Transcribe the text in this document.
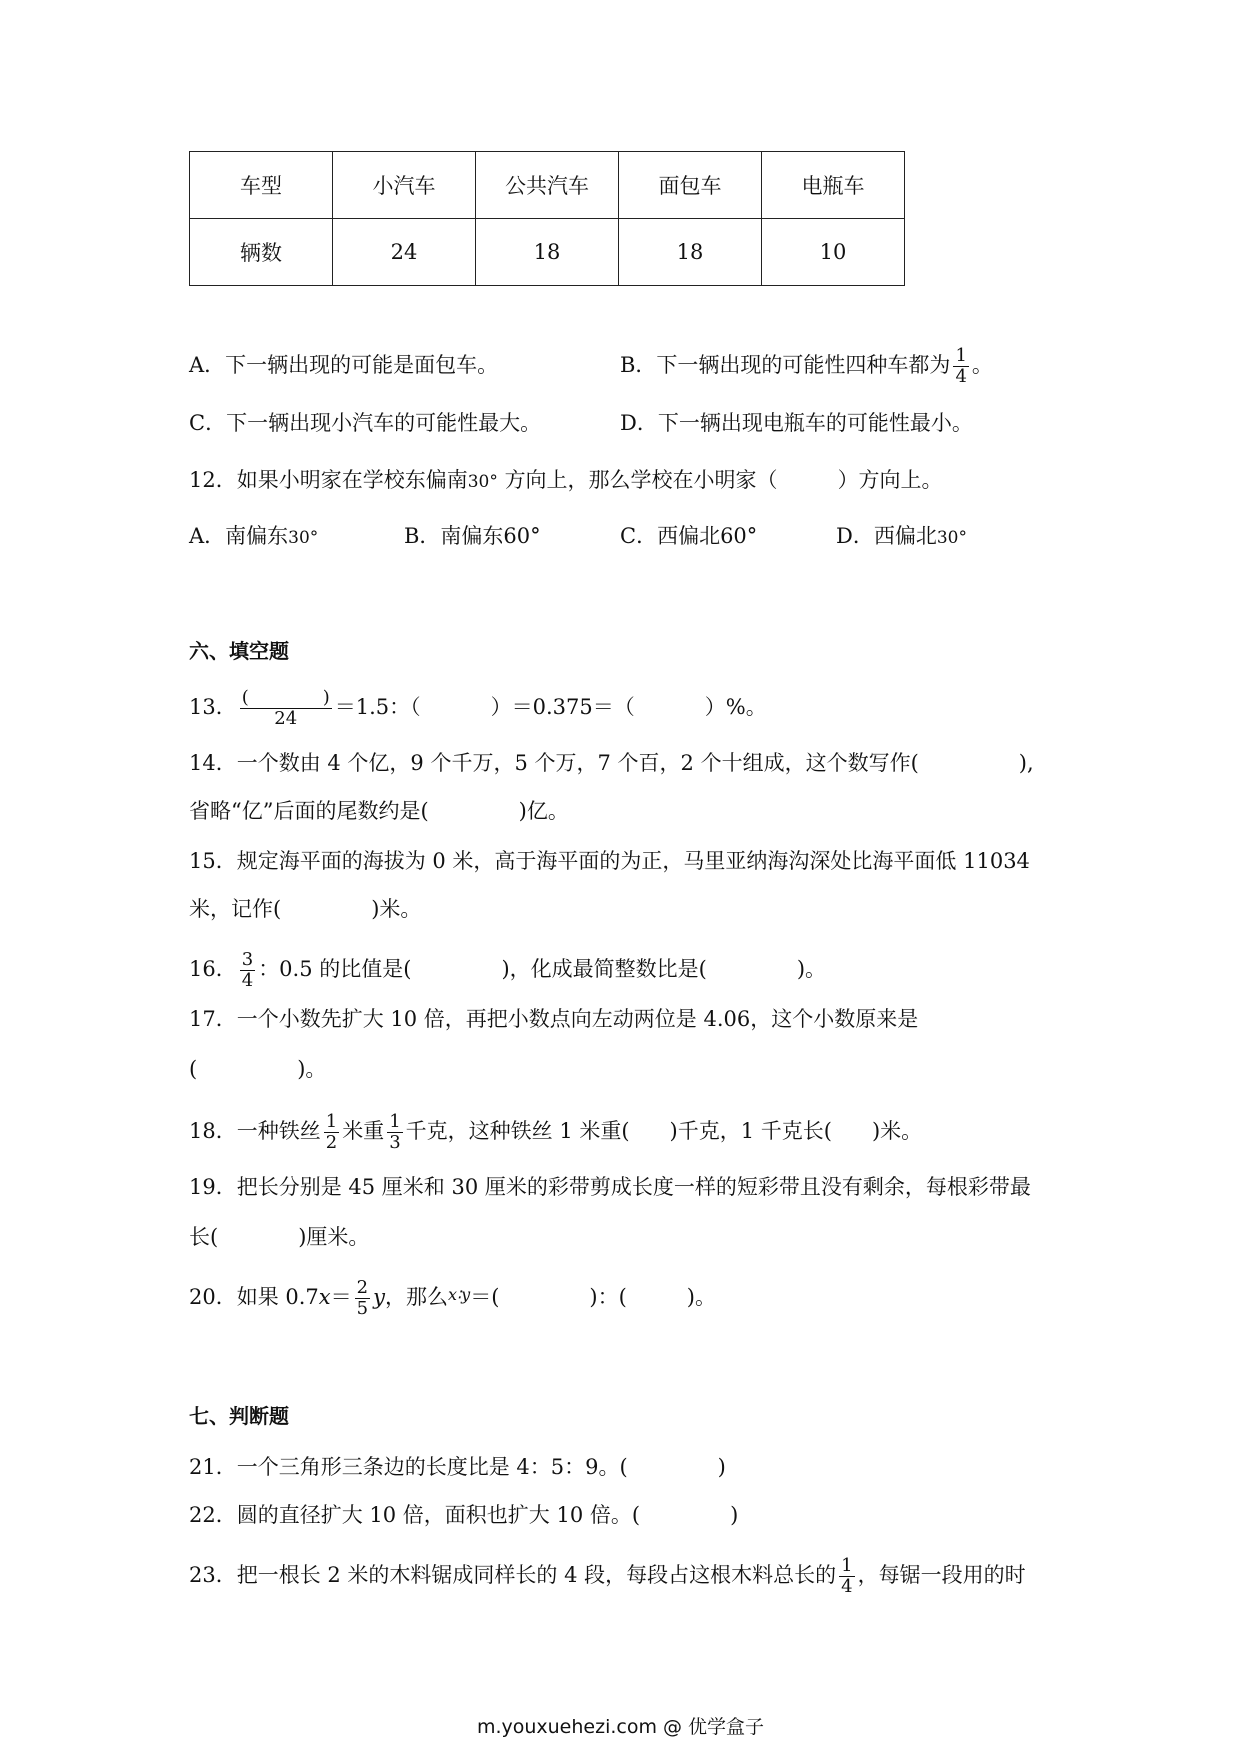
车型	小汽车	公共汽车	面包车	电瓶车
辆数	24	18	18	10
A．下一辆出现的可能是面包车。	B．下一辆出现的可能性四种车都为 $\frac{1}{4}$ 。
C．下一辆出现小汽车的可能性最大。	D．下一辆出现电瓶车的可能性最小。
12．如果小明家在学校东偏南30° 方向上，那么学校在小明家（	）方向上。
A．南偏东30°	B．南偏东60°	C．西偏北60°	D．西偏北30°
六、填空题
13． (	)
24 ＝1.5：（	）＝0.375＝（	）%。
14．一个数由 4 个亿，9 个千万，5 个万，7 个百，2 个十组成，这个数写作(	),
省略“亿”后面的尾数约是(	)亿。
15．规定海平面的海拔为 0 米，高于海平面的为正，马里亚纳海沟深处比海平面低 11034
米，记作(	)米。
16． $\frac{3}{4}$ ：0.5 的比值是(	)，化成最简整数比是(	)。
17．一个小数先扩大 10 倍，再把小数点向左动两位是 4.06，这个小数原来是
(	)。
18．一种铁丝 $\frac{1}{2}$ 米重 $\frac{1}{3}$ 千克，这种铁丝 1 米重( )千克，1 千克长( )米。
19．把长分别是 45 厘米和 30 厘米的彩带剪成长度一样的短彩带且没有剩余，每根彩带最
长(	)厘米。
20．如果 $0.7x= \frac{2}{5}$ y，那么x∶y＝(	)：(	)。
七、判断题
21．一个三角形三条边的长度比是 4：5：9。(	)
22．圆的直径扩大 10 倍，面积也扩大 10 倍。(	)
23．把一根长 2 米的木料锯成同样长的 4 段，每段占这根木料总长的 $\frac{1}{4}$ ，每锯一段用的时
m.youxuehezi.com @ 优学盒子
